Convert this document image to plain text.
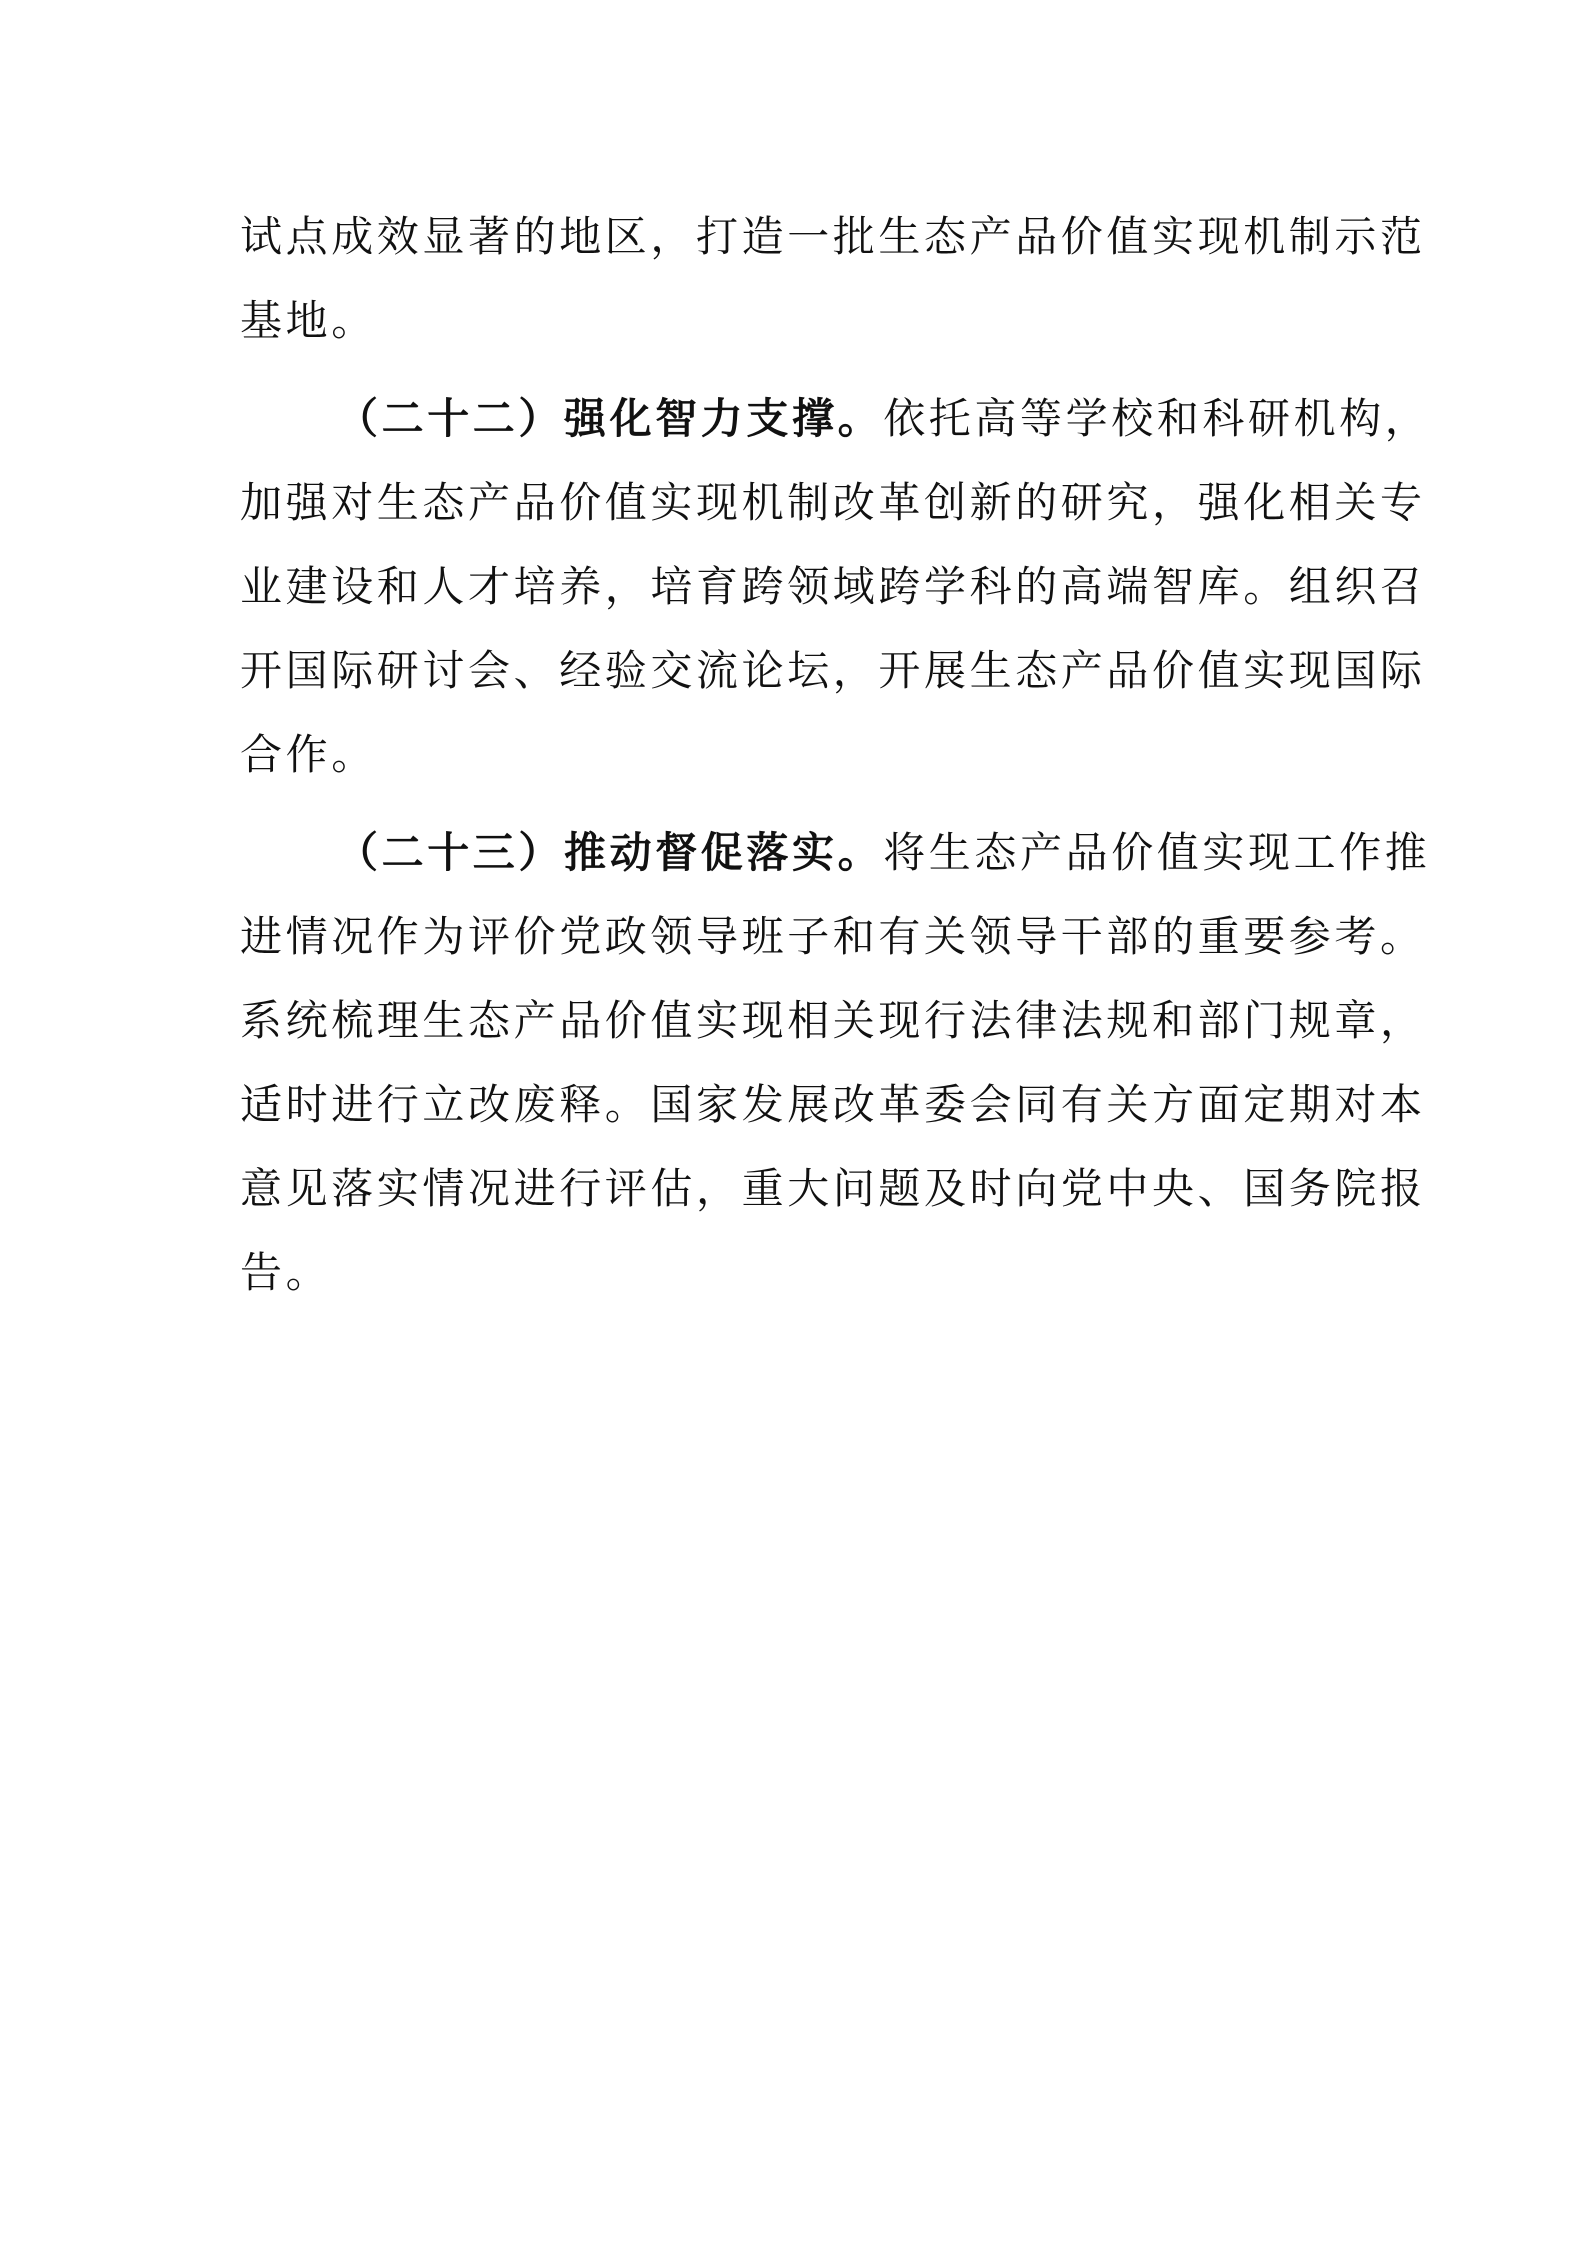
试点成效显著的地区，打造一批生态产品价值实现机制示范
基地。
（二十二）强化智力支撑。依托高等学校和科研机构，
加强对生态产品价值实现机制改革创新的研究，强化相关专
业建设和人才培养，培育跨领域跨学科的高端智库。组织召
开国际研讨会、经验交流论坛，开展生态产品价值实现国际
合作。
（二十三）推动督促落实。将生态产品价值实现工作推
进情况作为评价党政领导班子和有关领导干部的重要参考。
系统梳理生态产品价值实现相关现行法律法规和部门规章，
适时进行立改废释。国家发展改革委会同有关方面定期对本
意见落实情况进行评估，重大问题及时向党中央、国务院报
告。
